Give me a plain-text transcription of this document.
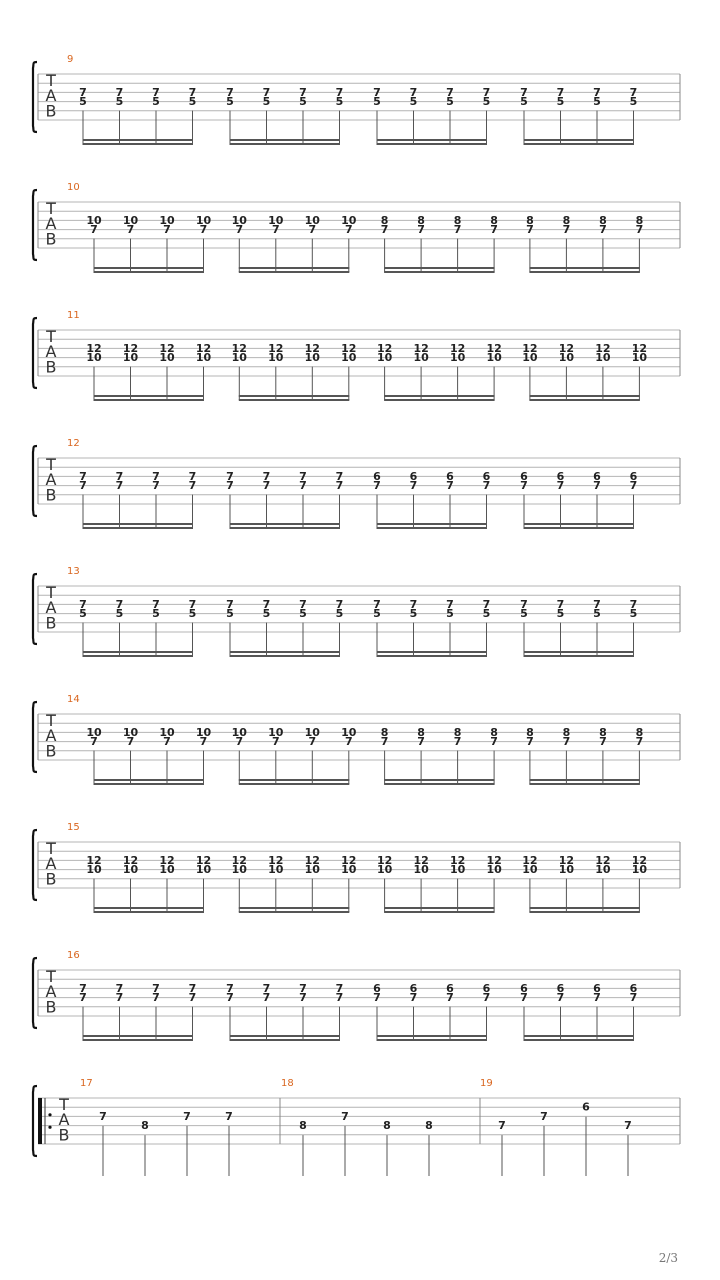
T
A
B
9
7
5
7
5
7
5
7
5
7
5
7
5
7
5
7
5
7
5
7
5
7
5
7
5
7
5
7
5
7
5
7
5
T
A
B
10
10
7
10
7
10
7
10
7
10
7
10
7
10
7
10
7
8
7
8
7
8
7
8
7
8
7
8
7
8
7
8
7
T
A
B
11
12
10
12
10
12
10
12
10
12
10
12
10
12
10
12
10
12
10
12
10
12
10
12
10
12
10
12
10
12
10
12
10
T
A
B
12
7
7
7
7
7
7
7
7
7
7
7
7
7
7
7
7
6
7
6
7
6
7
6
7
6
7
6
7
6
7
6
7
T
A
B
13
7
5
7
5
7
5
7
5
7
5
7
5
7
5
7
5
7
5
7
5
7
5
7
5
7
5
7
5
7
5
7
5
T
A
B
14
10
7
10
7
10
7
10
7
10
7
10
7
10
7
10
7
8
7
8
7
8
7
8
7
8
7
8
7
8
7
8
7
T
A
B
15
12
10
12
10
12
10
12
10
12
10
12
10
12
10
12
10
12
10
12
10
12
10
12
10
12
10
12
10
12
10
12
10
T
A
B
16
7
7
7
7
7
7
7
7
7
7
7
7
7
7
7
7
6
7
6
7
6
7
6
7
6
7
6
7
6
7
6
7
T
A
B
17
7
8
7	7
18
8
7
8	8
19
7
7
6
7
2/3
